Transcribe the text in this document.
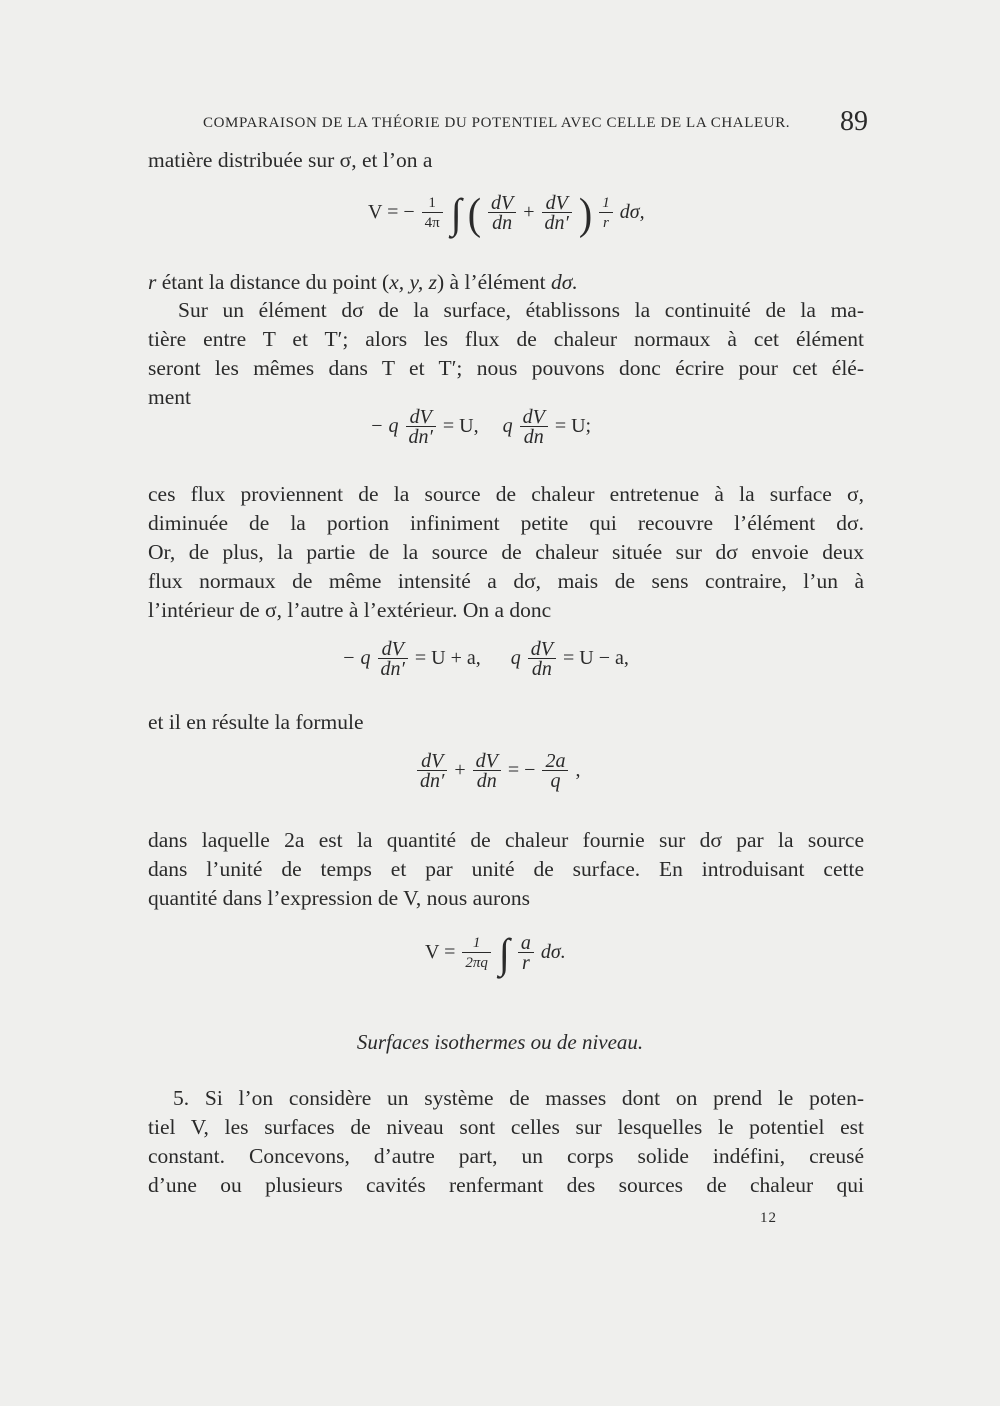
COMPARAISON DE LA THÉORIE DU POTENTIEL AVEC CELLE DE LA CHALEUR.	89
matière distribuée sur σ, et l’on a
V = − $\frac{1}{4\pi}$ ∫ ( $\frac{dV}{dn} + \frac{dV}{dn'}$ ) $\frac{1}{r} d\sigma$,
r étant la distance du point (x, y, z) à l’élément dσ.
Sur un élément dσ de la surface, établissons la continuité de la ma-
tière entre T et T′; alors les flux de chaleur normaux à cet élément
seront les mêmes dans T et T′; nous pouvons donc écrire pour cet élé-
ment
− q $\frac{dV}{dn'} = U$, q $\frac{dV}{dn} = U$;
ces flux proviennent de la source de chaleur entretenue à la surface σ,
diminuée de la portion infiniment petite qui recouvre l’élément dσ.
Or, de plus, la partie de la source de chaleur située sur dσ envoie deux
flux normaux de même intensité a dσ, mais de sens contraire, l’un à
l’intérieur de σ, l’autre à l’extérieur. On a donc
− q $\frac{dV}{dn'} = U + a$, q $\frac{dV}{dn} = U - a$,
et il en résulte la formule
$\frac{dV}{dn'} + \frac{dV}{dn}$ = − $\frac{2a}{q}$ ,
dans laquelle 2a est la quantité de chaleur fournie sur dσ par la source
dans l’unité de temps et par unité de surface. En introduisant cette
quantité dans l’expression de V, nous aurons
$V = \frac{1}{2\pi q}$ ∫ $\frac{a}{r} d\sigma$.
Surfaces isothermes ou de niveau.
5. Si l’on considère un système de masses dont on prend le poten-
tiel V, les surfaces de niveau sont celles sur lesquelles le potentiel est
constant. Concevons, d’autre part, un corps solide indéfini, creusé
d’une ou plusieurs cavités renfermant des sources de chaleur qui
12
